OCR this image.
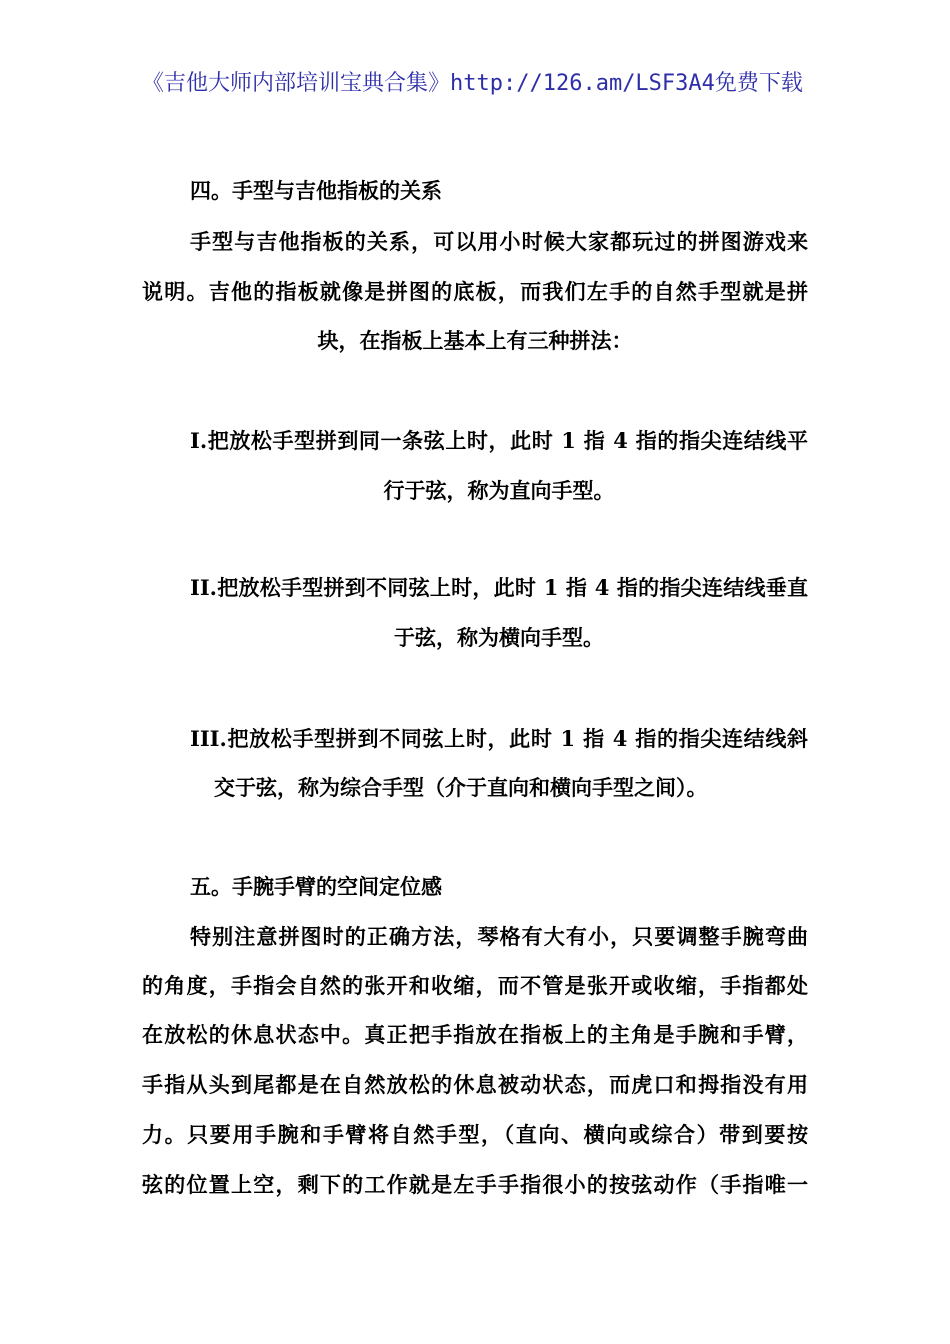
《吉他大师内部培训宝典合集》http://126.am/LSF3A4免费下载
四。手型与吉他指板的关系
手型与吉他指板的关系，可以用小时候大家都玩过的拼图游戏来
说明。吉他的指板就像是拼图的底板，而我们左手的自然手型就是拼
块，在指板上基本上有三种拼法：
I.把放松手型拼到同一条弦上时，此时 1 指 4 指的指尖连结线平
行于弦，称为直向手型。
II.把放松手型拼到不同弦上时，此时 1 指 4 指的指尖连结线垂直
于弦，称为横向手型。
III.把放松手型拼到不同弦上时，此时 1 指 4 指的指尖连结线斜
交于弦，称为综合手型（介于直向和横向手型之间）。
五。手腕手臂的空间定位感
特别注意拼图时的正确方法，琴格有大有小，只要调整手腕弯曲
的角度，手指会自然的张开和收缩，而不管是张开或收缩，手指都处
在放松的休息状态中。真正把手指放在指板上的主角是手腕和手臂，
手指从头到尾都是在自然放松的休息被动状态，而虎口和拇指没有用
力。只要用手腕和手臂将自然手型，（直向、横向或综合）带到要按
弦的位置上空，剩下的工作就是左手手指很小的按弦动作（手指唯一
